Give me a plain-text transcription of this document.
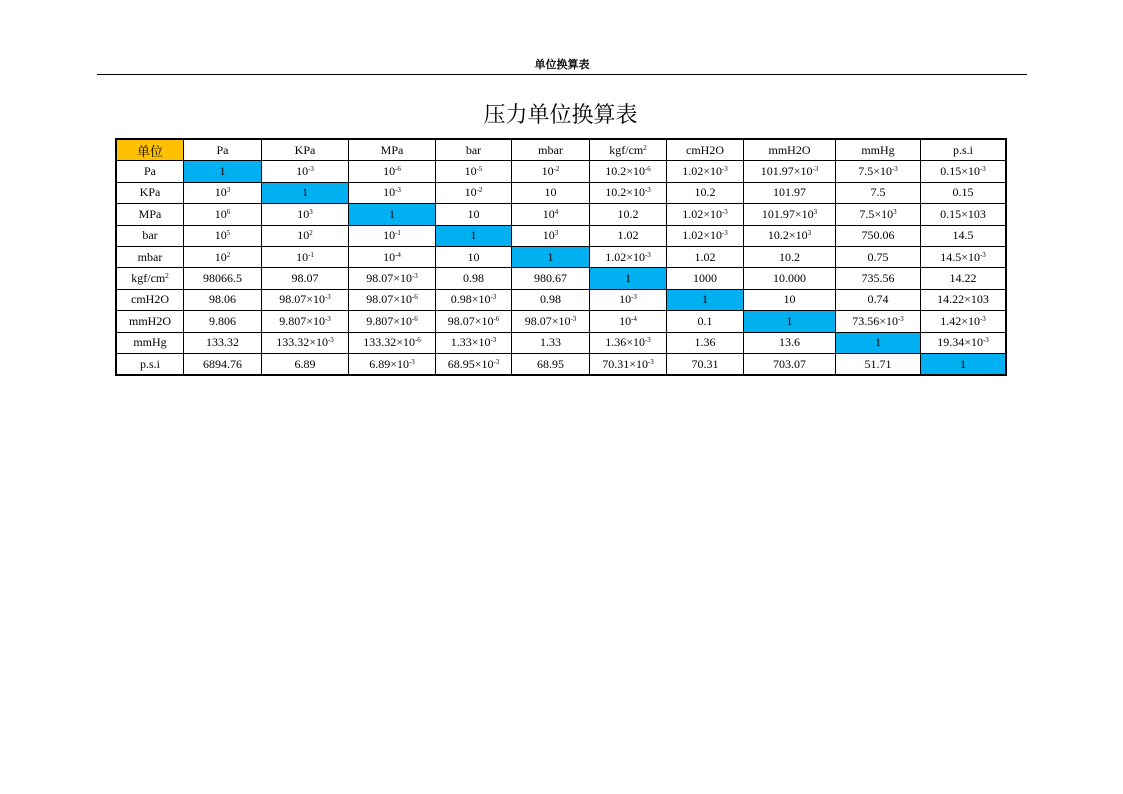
单位换算表
压力单位换算表
单位	Pa	KPa	MPa	bar	mbar	kgf/$cm^2$	cmH2O	mmH2O	mmHg	p.s.i
Pa	1	$10^{-3}$	$10^{-6}$	$10^{-5}$	$10^{-2}$	$10.2\times 10^{-6}$	$1.02\times 10^{-3}$	$101.97\times 10^{-3}$	$7.5\times 10^{-3}$	$0.15\times 10^{-3}$
KPa	$10^3$	1	$10^{-3}$	$10^{-2}$	10	$10.2\times 10^{-3}$	10.2	101.97	7.5	0.15
MPa	$10^6$	$10^3$	1	10	$10^4$	10.2	$1.02\times 10^{-3}$	$101.97\times 10^3$	$7.5\times 10^3$	0.15×103
bar	$10^5$	$10^2$	$10^{-1}$	1	$10^3$	1.02	$1.02\times 10^{-3}$	$10.2\times 10^3$	750.06	14.5
mbar	$10^2$	$10^{-1}$	$10^{-4}$	10	1	$1.02\times 10^{-3}$	1.02	10.2	0.75	$14.5\times 10^{-3}$
kgf/$cm^2$	98066.5	98.07	$98.07\times 10^{-3}$	0.98	980.67	1	1000	10.000	735.56	14.22
cmH2O	98.06	$98.07\times 10^{-3}$	$98.07\times 10^{-6}$	$0.98\times 10^{-3}$	0.98	$10^{-3}$	1	10	0.74	14.22×103
mmH2O	9.806	$9.807\times 10^{-3}$	$9.807\times 10^{-6}$	$98.07\times 10^{-6}$	$98.07\times 10^{-3}$	$10^{-4}$	0.1	1	$73.56\times 10^{-3}$	$1.42\times 10^{-3}$
mmHg	133.32	$133.32\times 10^{-3}$	$133.32\times 10^{-6}$	$1.33\times 10^{-3}$	1.33	$1.36\times 10^{-3}$	1.36	13.6	1	$19.34\times 10^{-3}$
p.s.i	6894.76	6.89	$6.89\times 10^{-3}$	$68.95\times 10^{-3}$	68.95	$70.31\times 10^{-3}$	70.31	703.07	51.71	1
